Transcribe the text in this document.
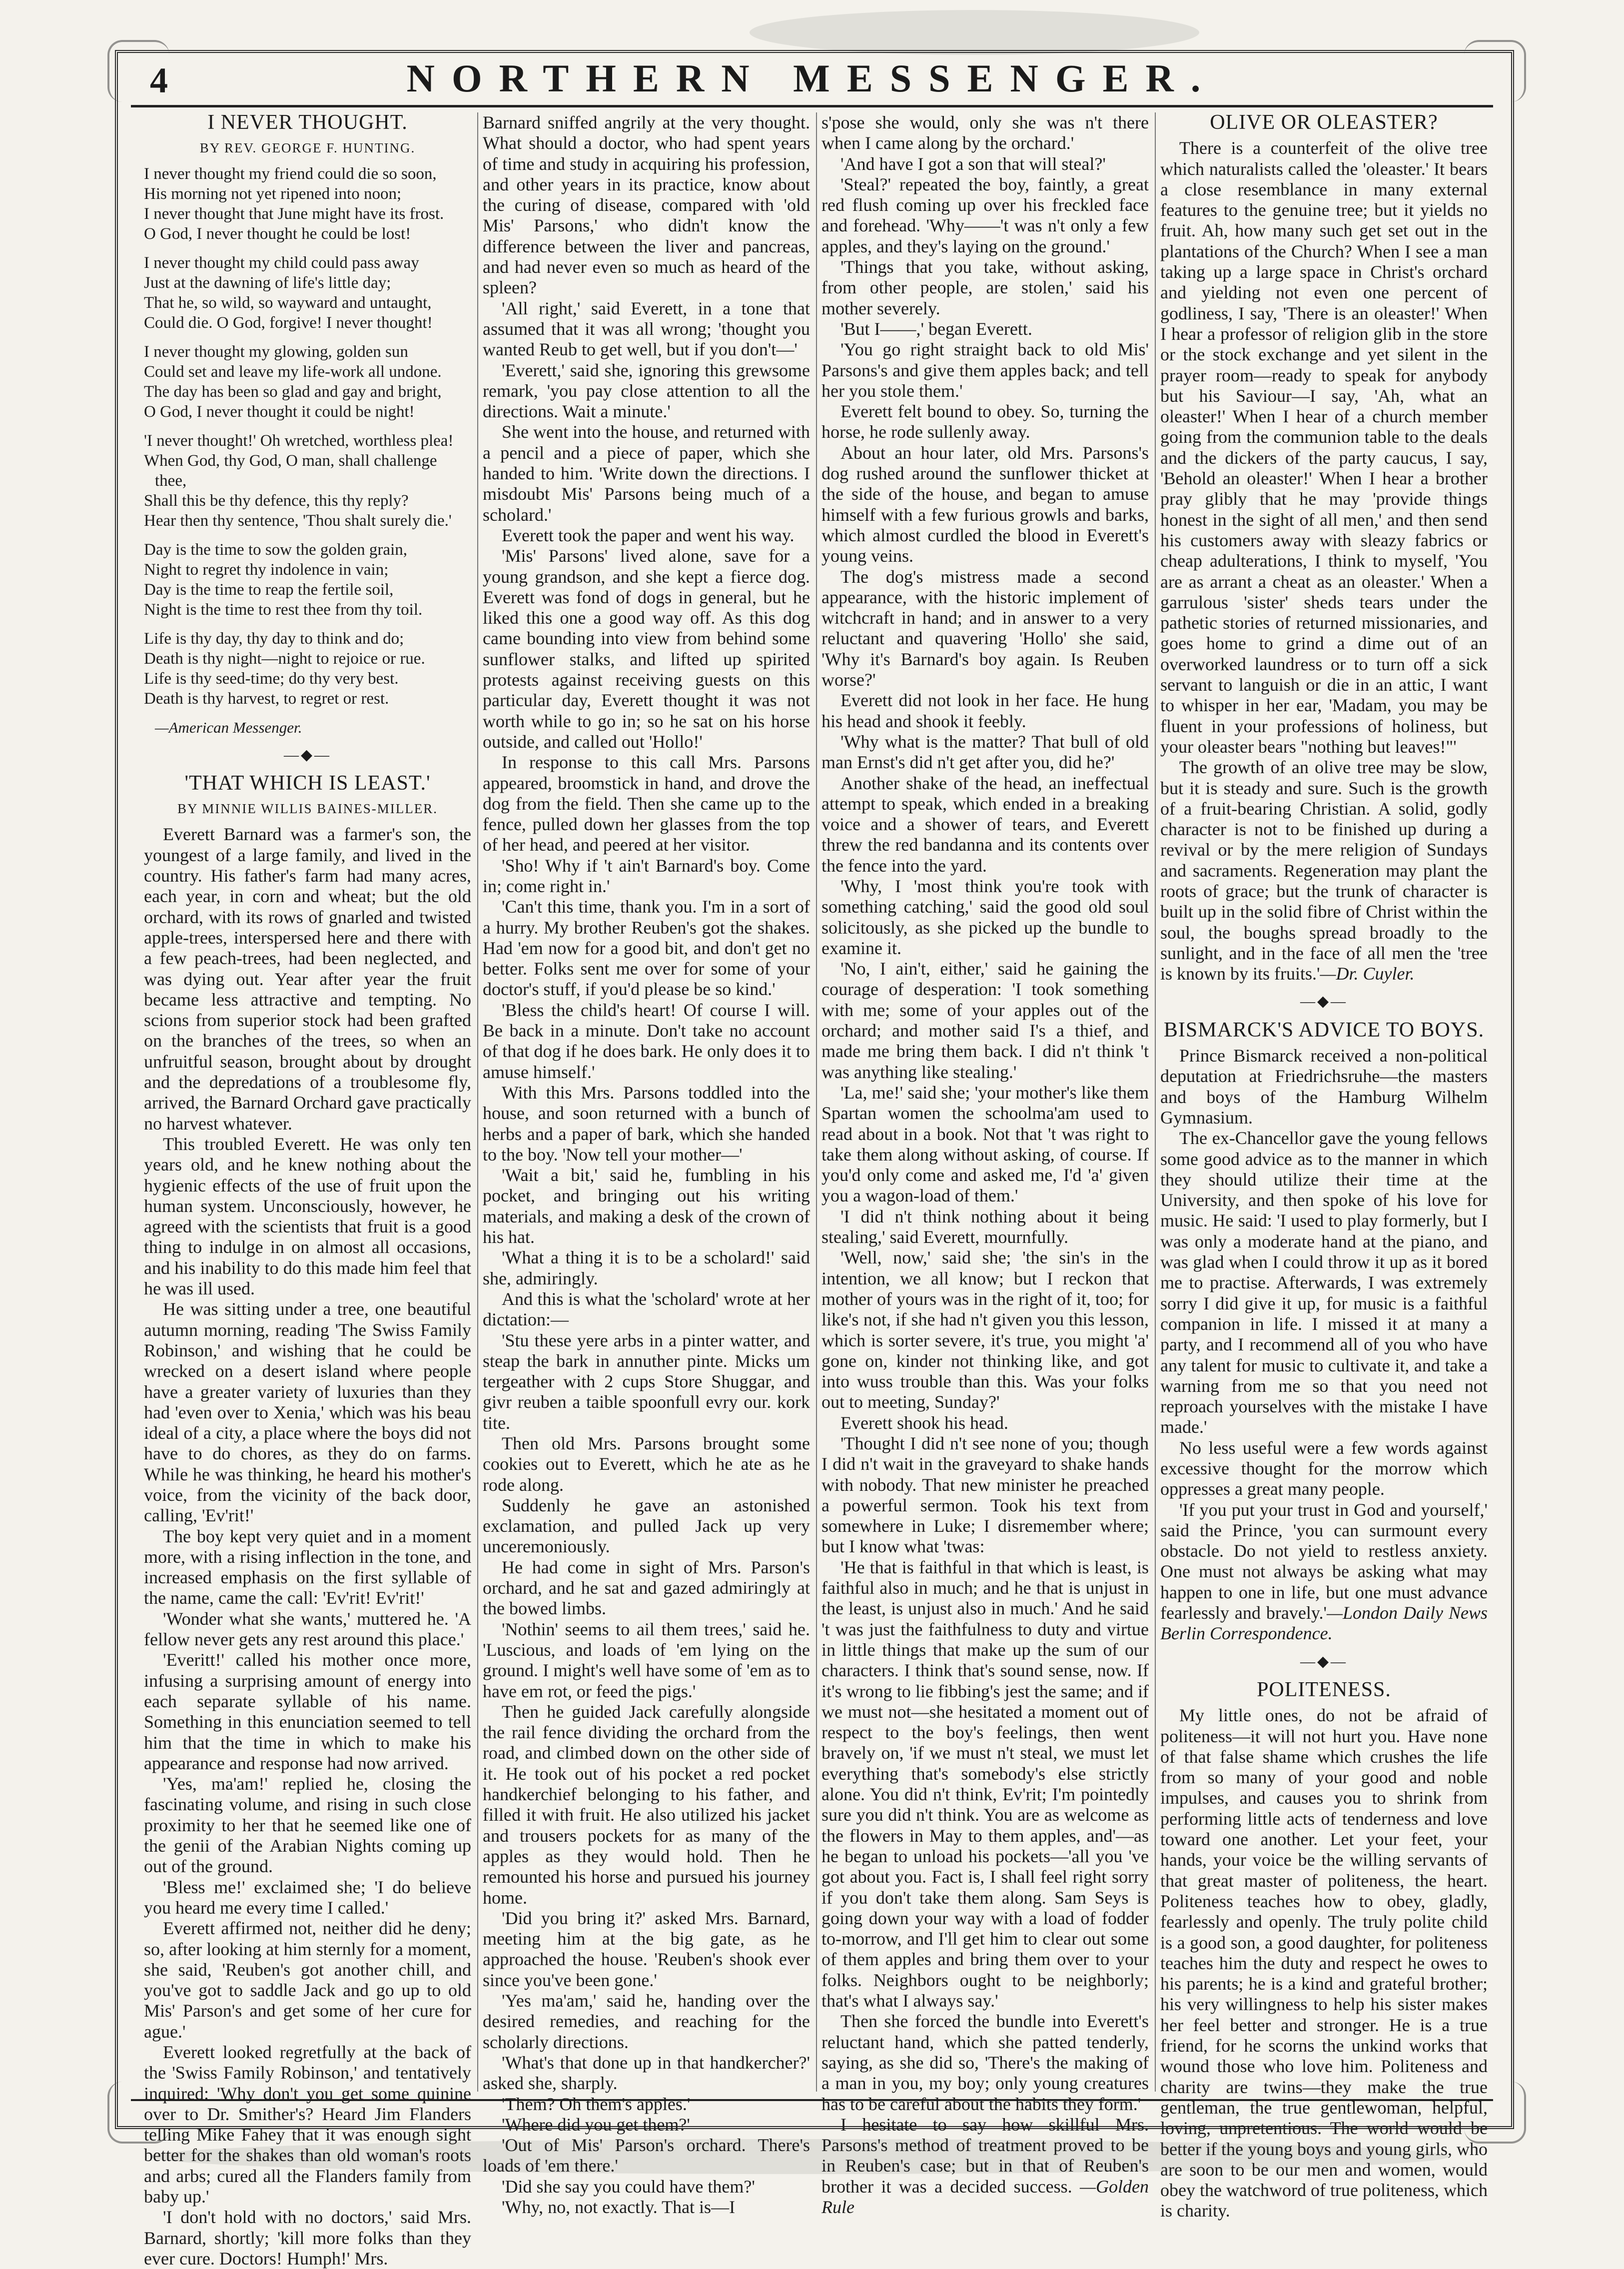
4	NORTHERN MESSENGER.
I NEVER THOUGHT.
BY REV. GEORGE F. HUNTING.

I never thought my friend could die so soon,

His morning not yet ripened into noon;

I never thought that June might have its frost.

O God, I never thought he could be lost!

I never thought my child could pass away

Just at the dawning of life's little day;

That he, so wild, so wayward and untaught,

Could die. O God, forgive! I never thought!

I never thought my glowing, golden sun

Could set and leave my life-work all undone.

The day has been so glad and gay and bright,

O God, I never thought it could be night!

'I never thought!' Oh wretched, worthless plea!

When God, thy God, O man, shall challenge thee,

Shall this be thy defence, this thy reply?

Hear then thy sentence, 'Thou shalt surely die.'

Day is the time to sow the golden grain,

Night to regret thy indolence in vain;

Day is the time to reap the fertile soil,

Night is the time to rest thee from thy toil.

Life is thy day, thy day to think and do;

Death is thy night—night to rejoice or rue.

Life is thy seed-time; do thy very best.

Death is thy harvest, to regret or rest.

—American Messenger.
—◆—
'THAT WHICH IS LEAST.'
BY MINNIE WILLIS BAINES-MILLER.

Everett Barnard was a farmer's son, the youngest of a large family, and lived in the country. His father's farm had many acres, each year, in corn and wheat; but the old orchard, with its rows of gnarled and twisted apple-trees, interspersed here and there with a few peach-trees, had been neglected, and was dying out. Year after year the fruit became less attractive and tempting. No scions from superior stock had been grafted on the branches of the trees, so when an unfruitful season, brought about by drought and the depredations of a troublesome fly, arrived, the Barnard Orchard gave practically no harvest whatever.

This troubled Everett. He was only ten years old, and he knew nothing about the hygienic effects of the use of fruit upon the human system. Unconsciously, however, he agreed with the scientists that fruit is a good thing to indulge in on almost all occasions, and his inability to do this made him feel that he was ill used.

He was sitting under a tree, one beautiful autumn morning, reading 'The Swiss Family Robinson,' and wishing that he could be wrecked on a desert island where people have a greater variety of luxuries than they had 'even over to Xenia,' which was his beau ideal of a city, a place where the boys did not have to do chores, as they do on farms. While he was thinking, he heard his mother's voice, from the vicinity of the back door, calling, 'Ev'rit!'

The boy kept very quiet and in a moment more, with a rising inflection in the tone, and increased emphasis on the first syllable of the name, came the call: 'Ev'rit! Ev'rit!'

'Wonder what she wants,' muttered he. 'A fellow never gets any rest around this place.'

'Everitt!' called his mother once more, infusing a surprising amount of energy into each separate syllable of his name. Something in this enunciation seemed to tell him that the time in which to make his appearance and response had now arrived.

'Yes, ma'am!' replied he, closing the fascinating volume, and rising in such close proximity to her that he seemed like one of the genii of the Arabian Nights coming up out of the ground.

'Bless me!' exclaimed she; 'I do believe you heard me every time I called.'

Everett affirmed not, neither did he deny; so, after looking at him sternly for a moment, she said, 'Reuben's got another chill, and you've got to saddle Jack and go up to old Mis' Parson's and get some of her cure for ague.'

Everett looked regretfully at the back of the 'Swiss Family Robinson,' and tentatively inquired: 'Why don't you get some quinine over to Dr. Smither's? Heard Jim Flanders telling Mike Fahey that it was enough sight better for the shakes than old woman's roots and arbs; cured all the Flanders family from baby up.'

'I don't hold with no doctors,' said Mrs. Barnard, shortly; 'kill more folks than they ever cure. Doctors! Humph!' Mrs.

Barnard sniffed angrily at the very thought. What should a doctor, who had spent years of time and study in acquiring his profession, and other years in its practice, know about the curing of disease, compared with 'old Mis' Parsons,' who didn't know the difference between the liver and pancreas, and had never even so much as heard of the spleen?

'All right,' said Everett, in a tone that assumed that it was all wrong; 'thought you wanted Reub to get well, but if you don't—'

'Everett,' said she, ignoring this grewsome remark, 'you pay close attention to all the directions. Wait a minute.'

She went into the house, and returned with a pencil and a piece of paper, which she handed to him. 'Write down the directions. I misdoubt Mis' Parsons being much of a scholard.'

Everett took the paper and went his way.

'Mis' Parsons' lived alone, save for a young grandson, and she kept a fierce dog. Everett was fond of dogs in general, but he liked this one a good way off. As this dog came bounding into view from behind some sunflower stalks, and lifted up spirited protests against receiving guests on this particular day, Everett thought it was not worth while to go in; so he sat on his horse outside, and called out 'Hollo!'

In response to this call Mrs. Parsons appeared, broomstick in hand, and drove the dog from the field. Then she came up to the fence, pulled down her glasses from the top of her head, and peered at her visitor.

'Sho! Why if 't ain't Barnard's boy. Come in; come right in.'

'Can't this time, thank you. I'm in a sort of a hurry. My brother Reuben's got the shakes. Had 'em now for a good bit, and don't get no better. Folks sent me over for some of your doctor's stuff, if you'd please be so kind.'

'Bless the child's heart! Of course I will. Be back in a minute. Don't take no account of that dog if he does bark. He only does it to amuse himself.'

With this Mrs. Parsons toddled into the house, and soon returned with a bunch of herbs and a paper of bark, which she handed to the boy. 'Now tell your mother—'

'Wait a bit,' said he, fumbling in his pocket, and bringing out his writing materials, and making a desk of the crown of his hat.

'What a thing it is to be a scholard!' said she, admiringly.

And this is what the 'scholard' wrote at her dictation:—

'Stu these yere arbs in a pinter watter, and steap the bark in annuther pinte. Micks um tergeather with 2 cups Store Shuggar, and givr reuben a taible spoonfull evry our. kork tite.

Then old Mrs. Parsons brought some cookies out to Everett, which he ate as he rode along.

Suddenly he gave an astonished exclamation, and pulled Jack up very unceremoniously.

He had come in sight of Mrs. Parson's orchard, and he sat and gazed admiringly at the bowed limbs.

'Nothin' seems to ail them trees,' said he. 'Luscious, and loads of 'em lying on the ground. I might's well have some of 'em as to have em rot, or feed the pigs.'

Then he guided Jack carefully alongside the rail fence dividing the orchard from the road, and climbed down on the other side of it. He took out of his pocket a red pocket handkerchief belonging to his father, and filled it with fruit. He also utilized his jacket and trousers pockets for as many of the apples as they would hold. Then he remounted his horse and pursued his journey home.

'Did you bring it?' asked Mrs. Barnard, meeting him at the big gate, as he approached the house. 'Reuben's shook ever since you've been gone.'

'Yes ma'am,' said he, handing over the desired remedies, and reaching for the scholarly directions.

'What's that done up in that handkercher?' asked she, sharply.

'Them? Oh them's apples.'

'Where did you get them?'

'Out of Mis' Parson's orchard. There's loads of 'em there.'

'Did she say you could have them?'

'Why, no, not exactly. That is—I

s'pose she would, only she was n't there when I came along by the orchard.'

'And have I got a son that will steal?'

'Steal?' repeated the boy, faintly, a great red flush coming up over his freckled face and forehead. 'Why——'t was n't only a few apples, and they's laying on the ground.'

'Things that you take, without asking, from other people, are stolen,' said his mother severely.

'But I——,' began Everett.

'You go right straight back to old Mis' Parsons's and give them apples back; and tell her you stole them.'

Everett felt bound to obey. So, turning the horse, he rode sullenly away.

About an hour later, old Mrs. Parsons's dog rushed around the sunflower thicket at the side of the house, and began to amuse himself with a few furious growls and barks, which almost curdled the blood in Everett's young veins.

The dog's mistress made a second appearance, with the historic implement of witchcraft in hand; and in answer to a very reluctant and quavering 'Hollo' she said, 'Why it's Barnard's boy again. Is Reuben worse?'

Everett did not look in her face. He hung his head and shook it feebly.

'Why what is the matter? That bull of old man Ernst's did n't get after you, did he?'

Another shake of the head, an ineffectual attempt to speak, which ended in a breaking voice and a shower of tears, and Everett threw the red bandanna and its contents over the fence into the yard.

'Why, I 'most think you're took with something catching,' said the good old soul solicitously, as she picked up the bundle to examine it.

'No, I ain't, either,' said he gaining the courage of desperation: 'I took something with me; some of your apples out of the orchard; and mother said I's a thief, and made me bring them back. I did n't think 't was anything like stealing.'

'La, me!' said she; 'your mother's like them Spartan women the schoolma'am used to read about in a book. Not that 't was right to take them along without asking, of course. If you'd only come and asked me, I'd 'a' given you a wagon-load of them.'

'I did n't think nothing about it being stealing,' said Everett, mournfully.

'Well, now,' said she; 'the sin's in the intention, we all know; but I reckon that mother of yours was in the right of it, too; for like's not, if she had n't given you this lesson, which is sorter severe, it's true, you might 'a' gone on, kinder not thinking like, and got into wuss trouble than this. Was your folks out to meeting, Sunday?'

Everett shook his head.

'Thought I did n't see none of you; though I did n't wait in the graveyard to shake hands with nobody. That new minister he preached a powerful sermon. Took his text from somewhere in Luke; I disremember where; but I know what 'twas:

'He that is faithful in that which is least, is faithful also in much; and he that is unjust in the least, is unjust also in much.' And he said 't was just the faithfulness to duty and virtue in little things that make up the sum of our characters. I think that's sound sense, now. If it's wrong to lie fibbing's jest the same; and if we must not—she hesitated a moment out of respect to the boy's feelings, then went bravely on, 'if we must n't steal, we must let everything that's somebody's else strictly alone. You did n't think, Ev'rit; I'm pointedly sure you did n't think. You are as welcome as the flowers in May to them apples, and'—as he began to unload his pockets—'all you 've got about you. Fact is, I shall feel right sorry if you don't take them along. Sam Seys is going down your way with a load of fodder to-morrow, and I'll get him to clear out some of them apples and bring them over to your folks. Neighbors ought to be neighborly; that's what I always say.'

Then she forced the bundle into Everett's reluctant hand, which she patted tenderly, saying, as she did so, 'There's the making of a man in you, my boy; only young creatures has to be careful about the habits they form.'

I hesitate to say how skillful Mrs. Parsons's method of treatment proved to be in Reuben's case; but in that of Reuben's brother it was a decided success. —Golden Rule

OLIVE OR OLEASTER?

There is a counterfeit of the olive tree which naturalists called the 'oleaster.' It bears a close resemblance in many external features to the genuine tree; but it yields no fruit. Ah, how many such get set out in the plantations of the Church? When I see a man taking up a large space in Christ's orchard and yielding not even one percent of godliness, I say, 'There is an oleaster!' When I hear a professor of religion glib in the store or the stock exchange and yet silent in the prayer room—ready to speak for anybody but his Saviour—I say, 'Ah, what an oleaster!' When I hear of a church member going from the communion table to the deals and the dickers of the party caucus, I say, 'Behold an oleaster!' When I hear a brother pray glibly that he may 'provide things honest in the sight of all men,' and then send his customers away with sleazy fabrics or cheap adulterations, I think to myself, 'You are as arrant a cheat as an oleaster.' When a garrulous 'sister' sheds tears under the pathetic stories of returned missionaries, and goes home to grind a dime out of an overworked laundress or to turn off a sick servant to languish or die in an attic, I want to whisper in her ear, 'Madam, you may be fluent in your professions of holiness, but your oleaster bears "nothing but leaves!"'

The growth of an olive tree may be slow, but it is steady and sure. Such is the growth of a fruit-bearing Christian. A solid, godly character is not to be finished up during a revival or by the mere religion of Sundays and sacraments. Regeneration may plant the roots of grace; but the trunk of character is built up in the solid fibre of Christ within the soul, the boughs spread broadly to the sunlight, and in the face of all men the 'tree is known by its fruits.'—Dr. Cuyler.

—◆—
BISMARCK'S ADVICE TO BOYS.

Prince Bismarck received a non-political deputation at Friedrichsruhe—the masters and boys of the Hamburg Wilhelm Gymnasium.

The ex-Chancellor gave the young fellows some good advice as to the manner in which they should utilize their time at the University, and then spoke of his love for music. He said: 'I used to play formerly, but I was only a moderate hand at the piano, and was glad when I could throw it up as it bored me to practise. Afterwards, I was extremely sorry I did give it up, for music is a faithful companion in life. I missed it at many a party, and I recommend all of you who have any talent for music to cultivate it, and take a warning from me so that you need not reproach yourselves with the mistake I have made.'

No less useful were a few words against excessive thought for the morrow which oppresses a great many people.

'If you put your trust in God and yourself,' said the Prince, 'you can surmount every obstacle. Do not yield to restless anxiety. One must not always be asking what may happen to one in life, but one must advance fearlessly and bravely.'—London Daily News Berlin Correspondence.

—◆—
POLITENESS.

My little ones, do not be afraid of politeness—it will not hurt you. Have none of that false shame which crushes the life from so many of your good and noble impulses, and causes you to shrink from performing little acts of tenderness and love toward one another. Let your feet, your hands, your voice be the willing servants of that great master of politeness, the heart. Politeness teaches how to obey, gladly, fearlessly and openly. The truly polite child is a good son, a good daughter, for politeness teaches him the duty and respect he owes to his parents; he is a kind and grateful brother; his very willingness to help his sister makes her feel better and stronger. He is a true friend, for he scorns the unkind works that wound those who love him. Politeness and charity are twins—they make the true gentleman, the true gentlewoman, helpful, loving, unpretentious. The world would be better if the young boys and young girls, who are soon to be our men and women, would obey the watchword of true politeness, which is charity.
